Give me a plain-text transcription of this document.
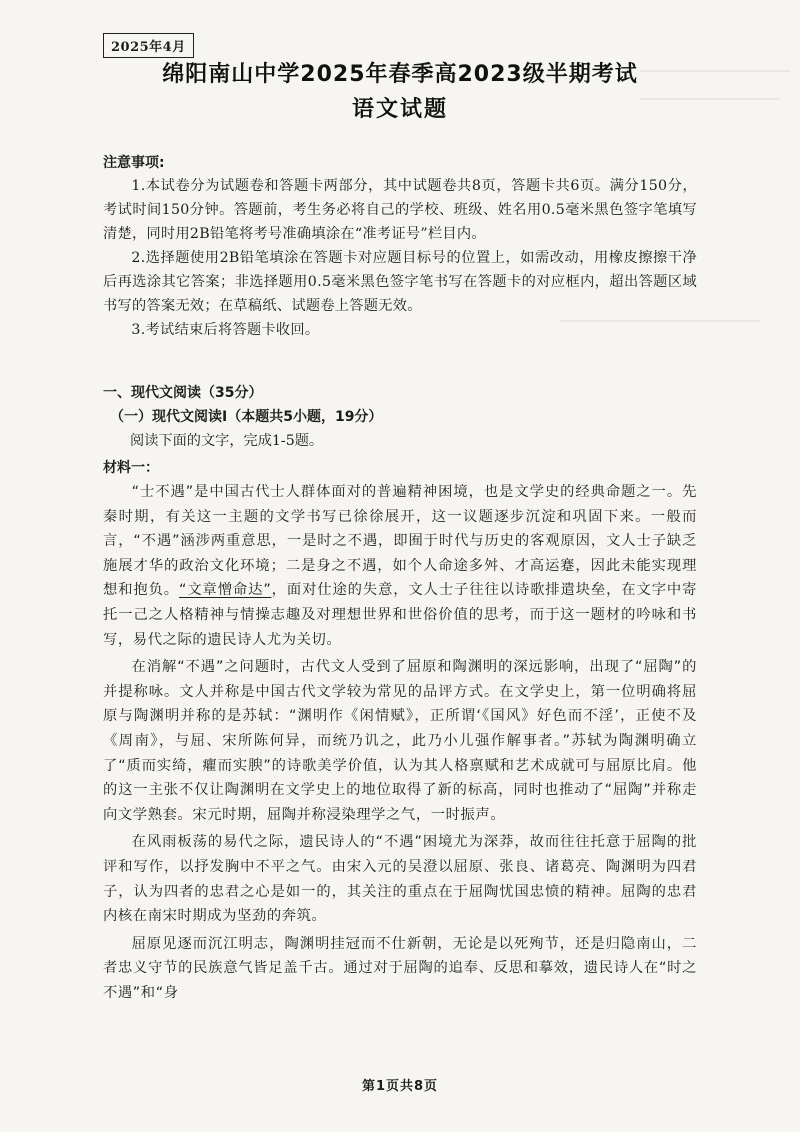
2025年4月
绵阳南山中学2025年春季高2023级半期考试
语文试题
注意事项:

1.本试卷分为试题卷和答题卡两部分，其中试题卷共8页，答题卡共6页。满分150分，考试时间150分钟。答题前，考生务必将自己的学校、班级、姓名用0.5毫米黑色签字笔填写清楚，同时用2B铅笔将考号准确填涂在“准考证号”栏目内。

2.选择题使用2B铅笔填涂在答题卡对应题目标号的位置上，如需改动，用橡皮擦擦干净后再选涂其它答案；非选择题用0.5毫米黑色签字笔书写在答题卡的对应框内，超出答题区域书写的答案无效；在草稿纸、试题卷上答题无效。

3.考试结束后将答题卡收回。

一、现代文阅读（35分）
（一）现代文阅读Ⅰ（本题共5小题，19分）
阅读下面的文字，完成1-5题。
材料一：

“士不遇”是中国古代士人群体面对的普遍精神困境，也是文学史的经典命题之一。先秦时期，有关这一主题的文学书写已徐徐展开，这一议题逐步沉淀和巩固下来。一般而言，“不遇”涵涉两重意思，一是时之不遇，即囿于时代与历史的客观原因，文人士子缺乏施展才华的政治文化环境；二是身之不遇，如个人命途多舛、才高运蹇，因此未能实现理想和抱负。“文章憎命达”，面对仕途的失意，文人士子往往以诗歌排遣块垒，在文字中寄托一己之人格精神与情操志趣及对理想世界和世俗价值的思考，而于这一题材的吟咏和书写，易代之际的遗民诗人尤为关切。

在消解“不遇”之问题时，古代文人受到了屈原和陶渊明的深远影响，出现了“屈陶”的并提称咏。文人并称是中国古代文学较为常见的品评方式。在文学史上，第一位明确将屈原与陶渊明并称的是苏轼：“渊明作《闲情赋》，正所谓‘《国风》好色而不淫’，正使不及《周南》，与屈、宋所陈何异，而统乃讥之，此乃小儿强作解事者。”苏轼为陶渊明确立了“质而实绮，癯而实腴”的诗歌美学价值，认为其人格禀赋和艺术成就可与屈原比肩。他的这一主张不仅让陶渊明在文学史上的地位取得了新的标高，同时也推动了“屈陶”并称走向文学熟套。宋元时期，屈陶并称浸染理学之气，一时振声。

在风雨板荡的易代之际，遗民诗人的“不遇”困境尤为深莽，故而往往托意于屈陶的批评和写作，以抒发胸中不平之气。由宋入元的吴澄以屈原、张良、诸葛亮、陶渊明为四君子，认为四者的忠君之心是如一的，其关注的重点在于屈陶忧国忠愤的精神。屈陶的忠君内核在南宋时期成为坚劲的奔筑。

屈原见逐而沉江明志，陶渊明挂冠而不仕新朝，无论是以死殉节，还是归隐南山，二者忠义守节的民族意气皆足盖千古。通过对于屈陶的追奉、反思和摹效，遗民诗人在“时之不遇”和“身

第1页共8页
